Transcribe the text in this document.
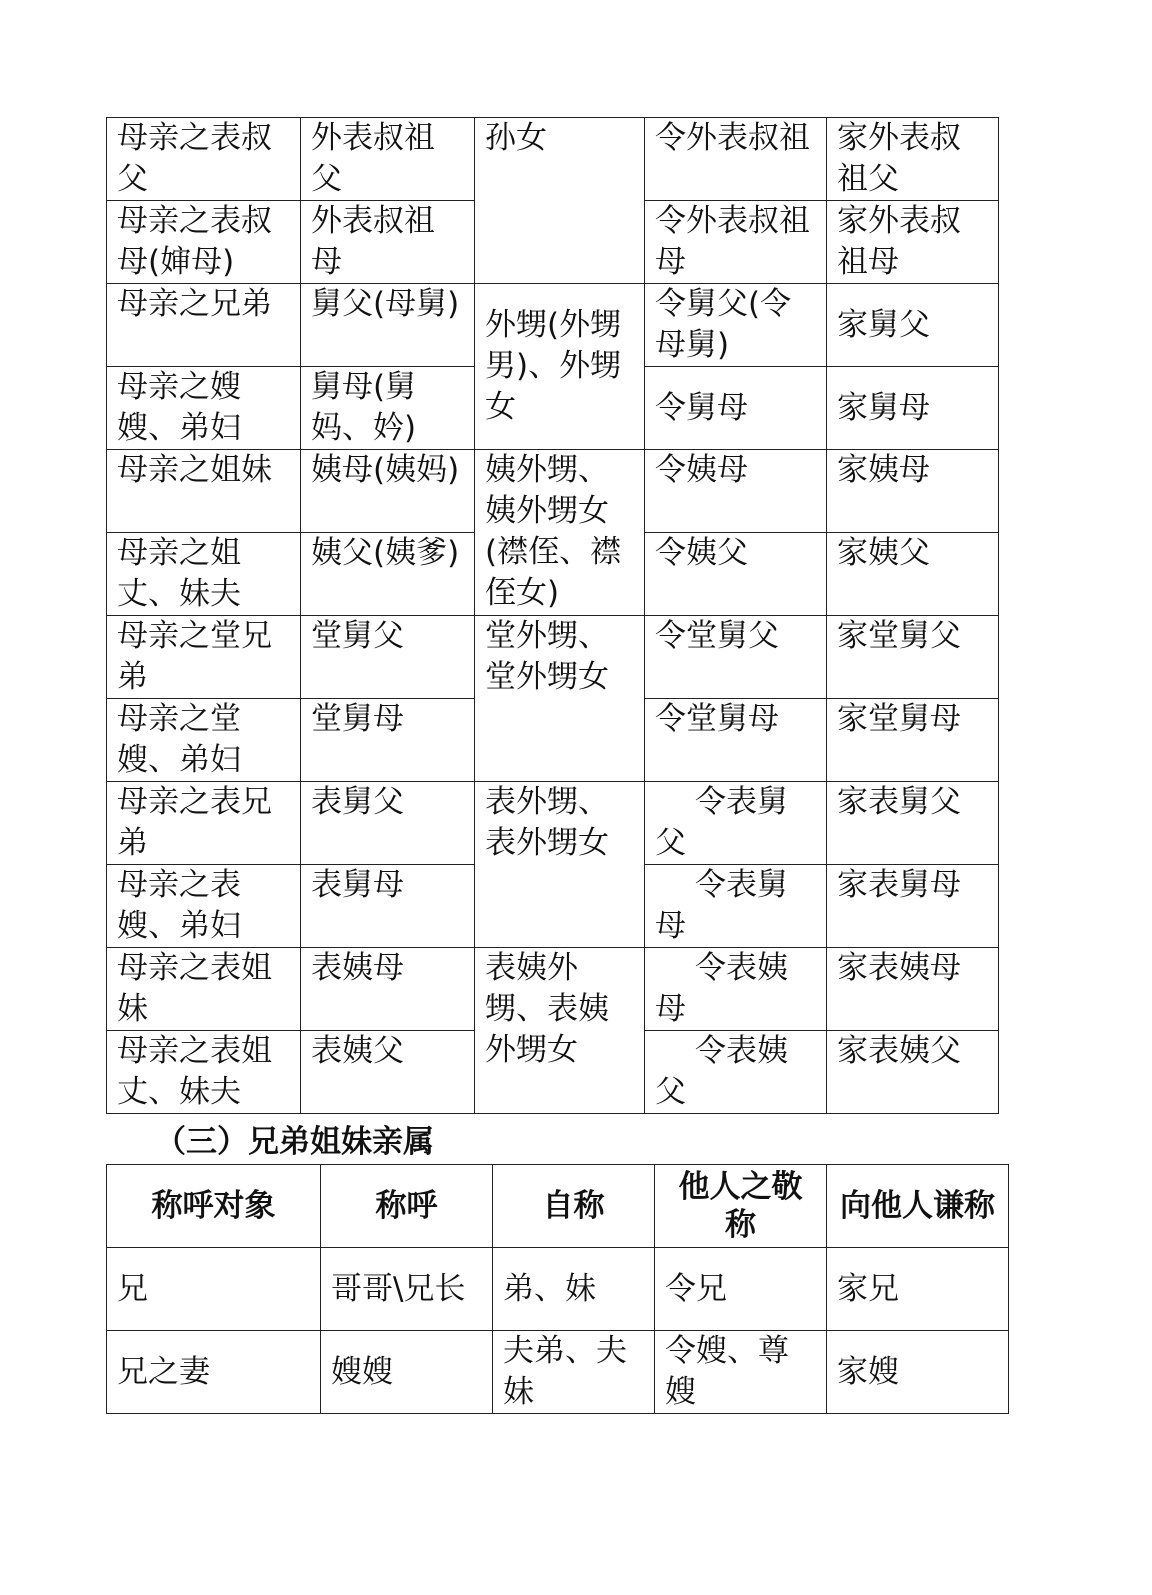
母亲之表叔父	外表叔祖父	孙女	令外表叔祖	家外表叔祖父
母亲之表叔母(婶母)	外表叔祖母		令外表叔祖母	家外表叔祖母
母亲之兄弟	舅父(母舅)	外甥(外甥男)、外甥女	令舅父(令母舅)	家舅父
母亲之嫂嫂、弟妇	舅母(舅妈、妗)		令舅母	家舅母
母亲之姐妹	姨母(姨妈)	姨外甥、姨外甥女(襟侄、襟侄女)	令姨母	家姨母
母亲之姐丈、妹夫	姨父(姨爹)		令姨父	家姨父
母亲之堂兄弟	堂舅父	堂外甥、堂外甥女	令堂舅父	家堂舅父
母亲之堂嫂、弟妇	堂舅母		令堂舅母	家堂舅母
母亲之表兄弟	表舅父	表外甥、表外甥女	令表舅父	家表舅父
母亲之表嫂、弟妇	表舅母		令表舅母	家表舅母
母亲之表姐妹	表姨母	表姨外甥、表姨外甥女	令表姨母	家表姨母
母亲之表姐丈、妹夫	表姨父		令表姨父	家表姨父
（三）兄弟姐妹亲属
称呼对象	称呼	自称	他人之敬称	向他人谦称
兄	哥哥\兄长	弟、妹	令兄	家兄
兄之妻	嫂嫂	夫弟、夫妹	令嫂、尊嫂	家嫂
